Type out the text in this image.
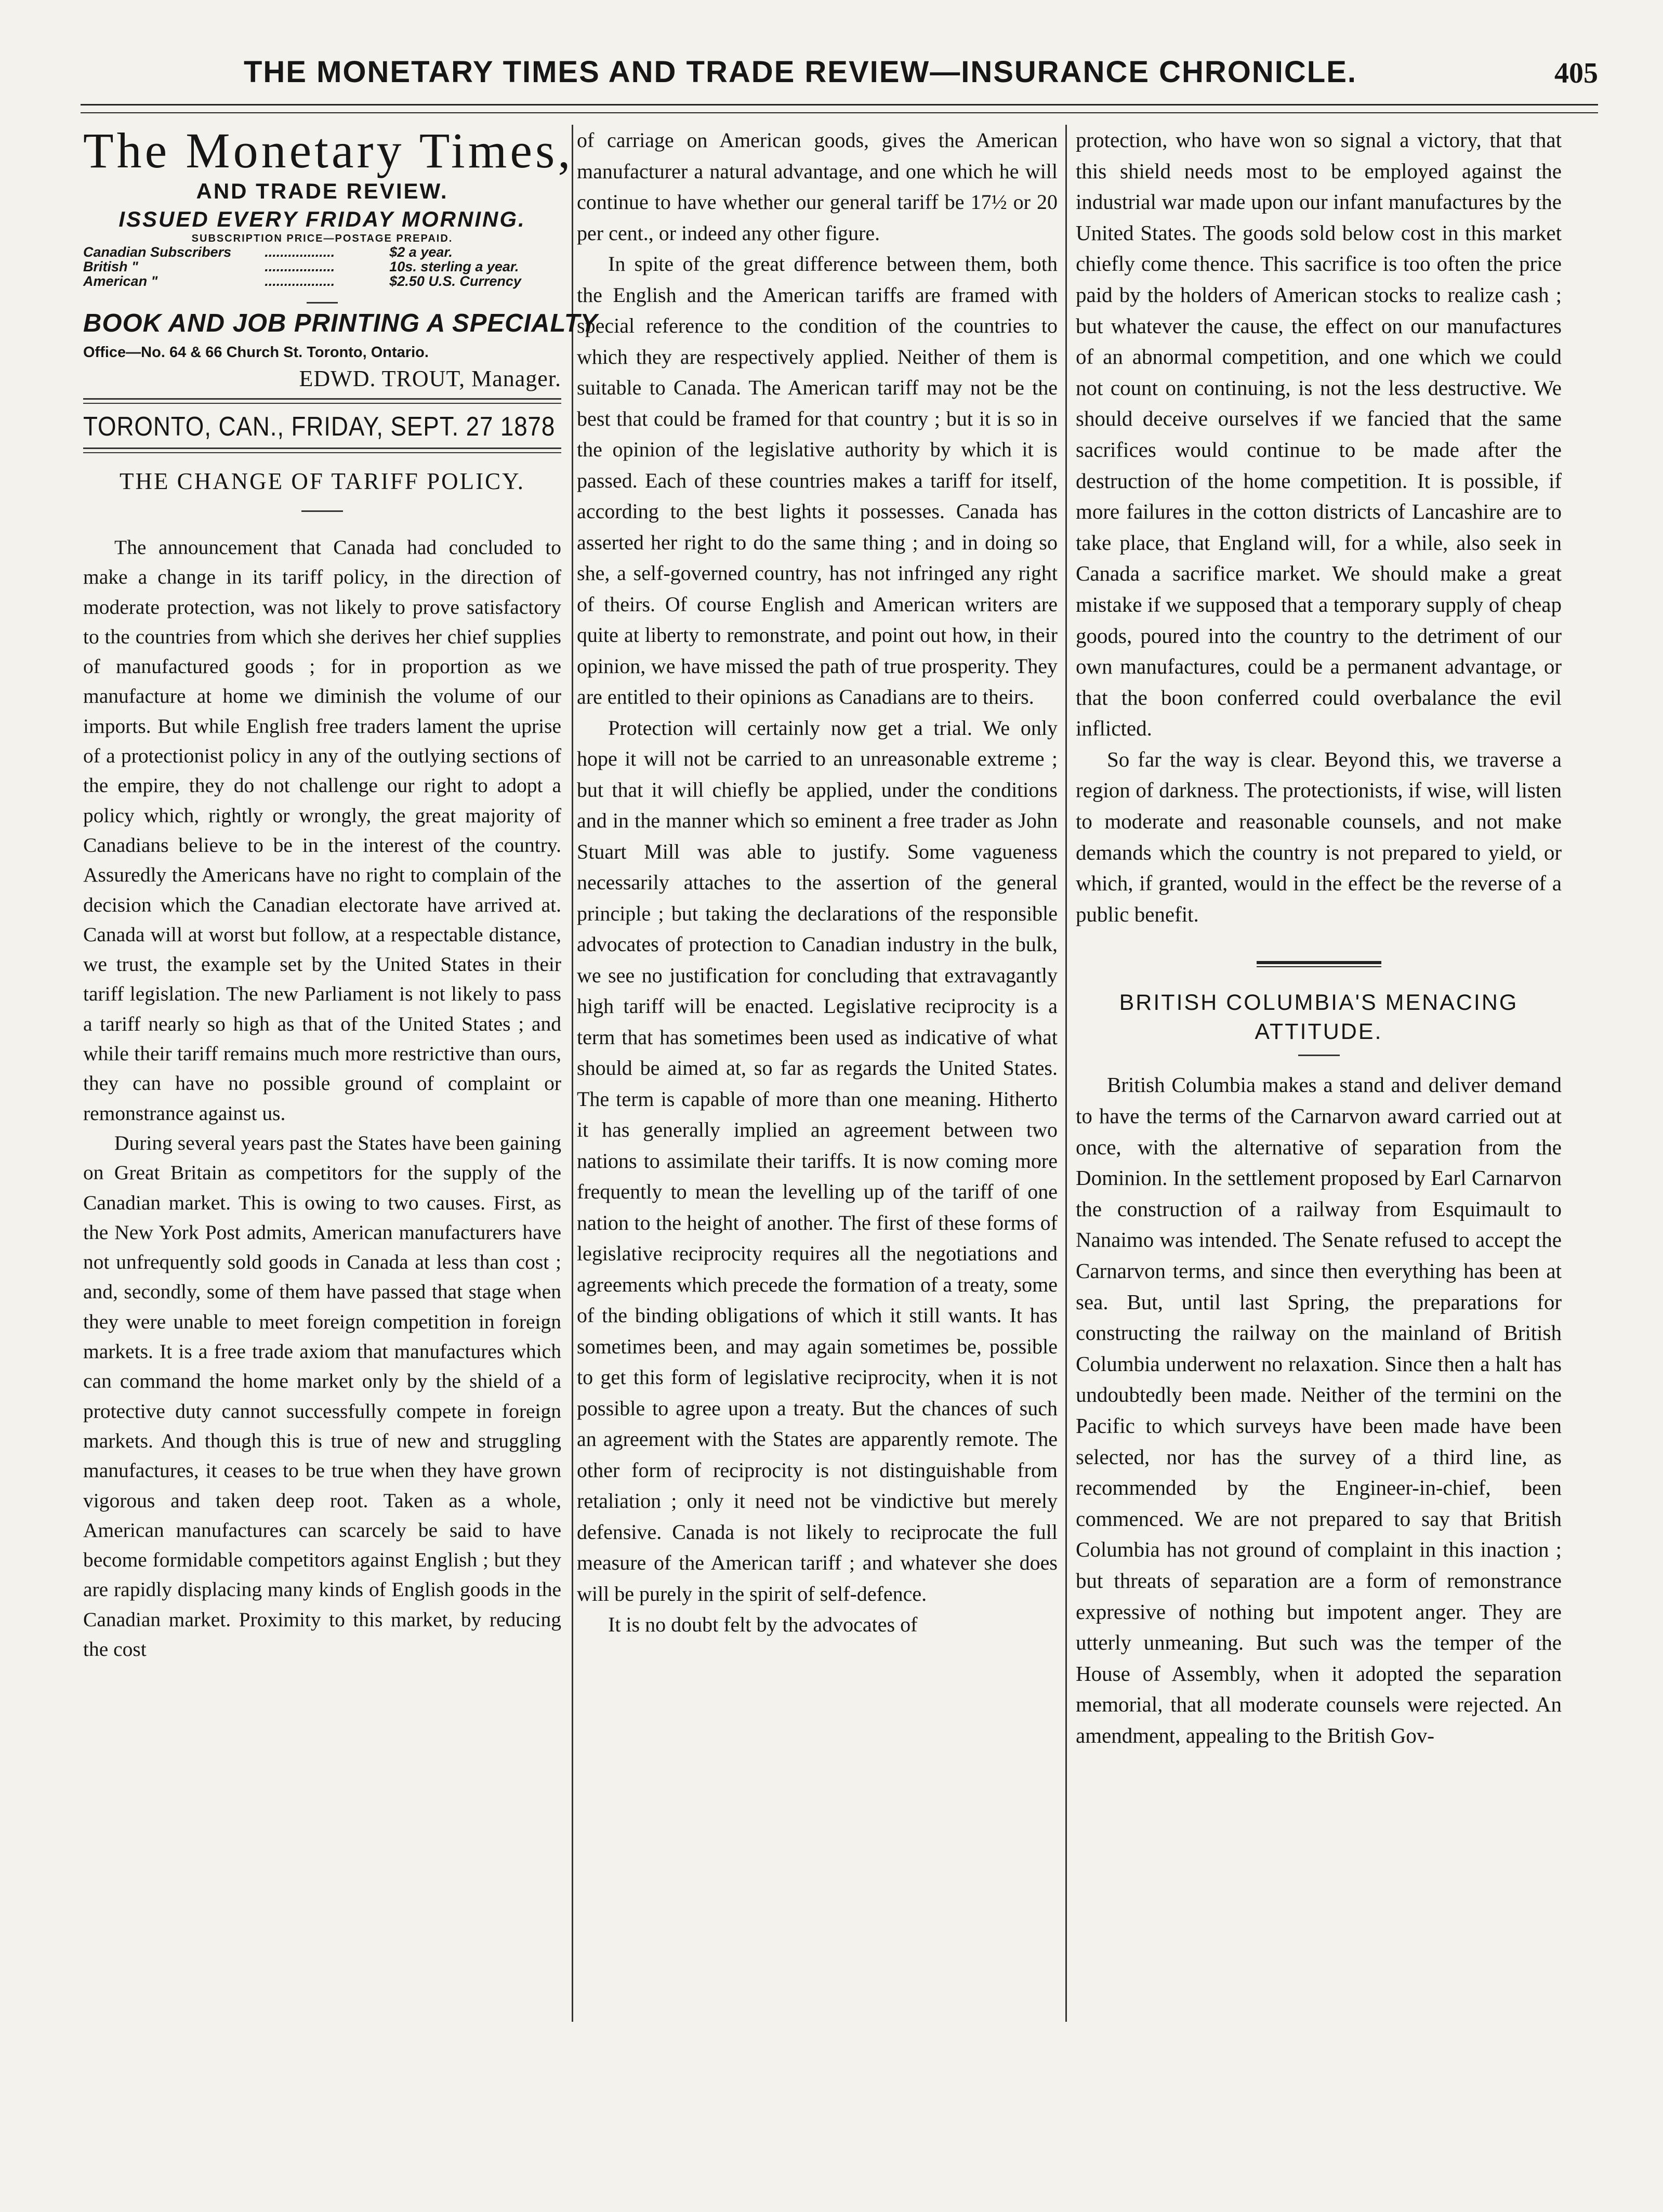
THE MONETARY TIMES AND TRADE REVIEW—INSURANCE CHRONICLE.	405
The Monetary Times,
AND TRADE REVIEW.
ISSUED EVERY FRIDAY MORNING.
SUBSCRIPTION PRICE—POSTAGE PREPAID.
Canadian Subscribers	..................	$2 a year.
British "	..................	10s. sterling a year.
American "	..................	$2.50 U.S. Currency
BOOK AND JOB PRINTING A SPECIALTY
Office—No. 64 & 66 Church St. Toronto, Ontario.
EDWD. TROUT, Manager.
TORONTO, CAN., FRIDAY, SEPT. 27 1878
THE CHANGE OF TARIFF POLICY.

The announcement that Canada had concluded to make a change in its tariff policy, in the direction of moderate protection, was not likely to prove satisfactory to the countries from which she derives her chief supplies of manufactured goods ; for in proportion as we manufacture at home we diminish the volume of our imports. But while English free traders lament the uprise of a protectionist policy in any of the outlying sections of the empire, they do not challenge our right to adopt a policy which, rightly or wrongly, the great majority of Canadians believe to be in the interest of the country. Assuredly the Americans have no right to complain of the decision which the Canadian electorate have arrived at. Canada will at worst but follow, at a respectable distance, we trust, the example set by the United States in their tariff legislation. The new Parliament is not likely to pass a tariff nearly so high as that of the United States ; and while their tariff remains much more restrictive than ours, they can have no possible ground of complaint or remonstrance against us.

During several years past the States have been gaining on Great Britain as competitors for the supply of the Canadian market. This is owing to two causes. First, as the New York Post admits, American manufacturers have not unfrequently sold goods in Canada at less than cost ; and, secondly, some of them have passed that stage when they were unable to meet foreign competition in foreign markets. It is a free trade axiom that manufactures which can command the home market only by the shield of a protective duty cannot successfully compete in foreign markets. And though this is true of new and struggling manufactures, it ceases to be true when they have grown vigorous and taken deep root. Taken as a whole, American manufactures can scarcely be said to have become formidable competitors against English ; but they are rapidly displacing many kinds of English goods in the Canadian market. Proximity to this market, by reducing the cost

of carriage on American goods, gives the American manufacturer a natural advantage, and one which he will continue to have whether our general tariff be 17½ or 20 per cent., or indeed any other figure.

In spite of the great difference between them, both the English and the American tariffs are framed with special reference to the condition of the countries to which they are respectively applied. Neither of them is suitable to Canada. The American tariff may not be the best that could be framed for that country ; but it is so in the opinion of the legislative authority by which it is passed. Each of these countries makes a tariff for itself, according to the best lights it possesses. Canada has asserted her right to do the same thing ; and in doing so she, a self-governed country, has not infringed any right of theirs. Of course English and American writers are quite at liberty to remonstrate, and point out how, in their opinion, we have missed the path of true prosperity. They are entitled to their opinions as Canadians are to theirs.

Protection will certainly now get a trial. We only hope it will not be carried to an unreasonable extreme ; but that it will chiefly be applied, under the conditions and in the manner which so eminent a free trader as John Stuart Mill was able to justify. Some vagueness necessarily attaches to the assertion of the general principle ; but taking the declarations of the responsible advocates of protection to Canadian industry in the bulk, we see no justification for concluding that extravagantly high tariff will be enacted. Legislative reciprocity is a term that has sometimes been used as indicative of what should be aimed at, so far as regards the United States. The term is capable of more than one meaning. Hitherto it has generally implied an agreement between two nations to assimilate their tariffs. It is now coming more frequently to mean the levelling up of the tariff of one nation to the height of another. The first of these forms of legislative reciprocity requires all the negotiations and agreements which precede the formation of a treaty, some of the binding obligations of which it still wants. It has sometimes been, and may again sometimes be, possible to get this form of legislative reciprocity, when it is not possible to agree upon a treaty. But the chances of such an agreement with the States are apparently remote. The other form of reciprocity is not distinguishable from retaliation ; only it need not be vindictive but merely defensive. Canada is not likely to reciprocate the full measure of the American tariff ; and whatever she does will be purely in the spirit of self-defence.

It is no doubt felt by the advocates of

protection, who have won so signal a victory, that that this shield needs most to be employed against the industrial war made upon our infant manufactures by the United States. The goods sold below cost in this market chiefly come thence. This sacrifice is too often the price paid by the holders of American stocks to realize cash ; but whatever the cause, the effect on our manufactures of an abnormal competition, and one which we could not count on continuing, is not the less destructive. We should deceive ourselves if we fancied that the same sacrifices would continue to be made after the destruction of the home competition. It is possible, if more failures in the cotton districts of Lancashire are to take place, that England will, for a while, also seek in Canada a sacrifice market. We should make a great mistake if we supposed that a temporary supply of cheap goods, poured into the country to the detriment of our own manufactures, could be a permanent advantage, or that the boon conferred could overbalance the evil inflicted.

So far the way is clear. Beyond this, we traverse a region of darkness. The protectionists, if wise, will listen to moderate and reasonable counsels, and not make demands which the country is not prepared to yield, or which, if granted, would in the effect be the reverse of a public benefit.

BRITISH COLUMBIA'S MENACING ATTITUDE.

British Columbia makes a stand and deliver demand to have the terms of the Carnarvon award carried out at once, with the alternative of separation from the Dominion. In the settlement proposed by Earl Carnarvon the construction of a railway from Esquimault to Nanaimo was intended. The Senate refused to accept the Carnarvon terms, and since then everything has been at sea. But, until last Spring, the preparations for constructing the railway on the mainland of British Columbia underwent no relaxation. Since then a halt has undoubtedly been made. Neither of the termini on the Pacific to which surveys have been made have been selected, nor has the survey of a third line, as recommended by the Engineer-in-chief, been commenced. We are not prepared to say that British Columbia has not ground of complaint in this inaction ; but threats of separation are a form of remonstrance expressive of nothing but impotent anger. They are utterly unmeaning. But such was the temper of the House of Assembly, when it adopted the separation memorial, that all moderate counsels were rejected. An amendment, appealing to the British Gov-
